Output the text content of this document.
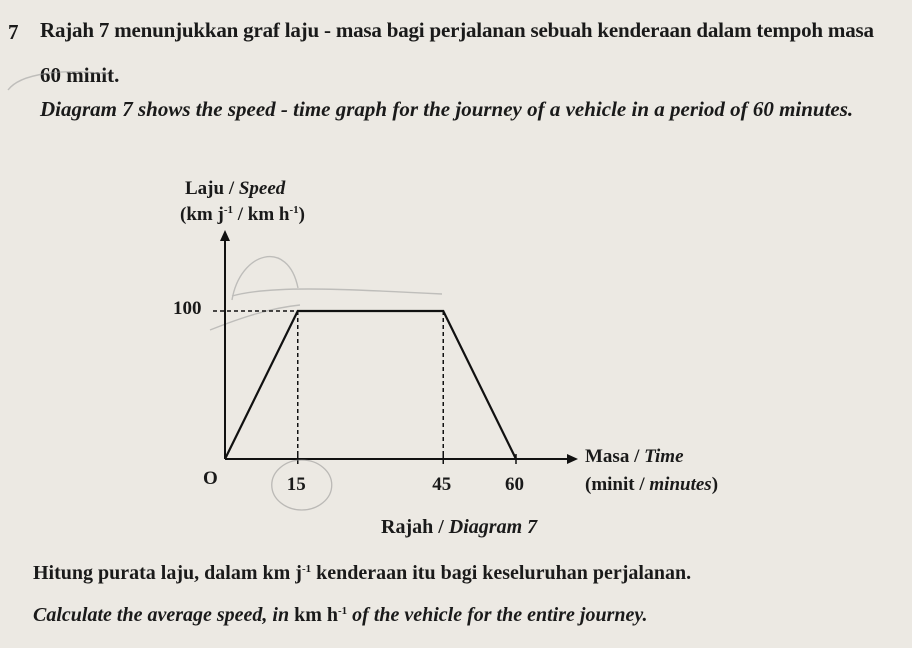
7 Rajah 7 menunjukkan graf laju - masa bagi perjalanan sebuah kenderaan dalam tempoh masa
60 minit.
Diagram 7 shows the speed - time graph for the journey of a vehicle in a period of 60 minutes.
Laju / Speed
(km $j^{-1}$ / km $h^{-1}$)
Masa / Time
(minit / minutes)
Rajah / Diagram 7
Hitung purata laju, dalam km $j^{-1}$ kenderaan itu bagi keseluruhan perjalanan.
Calculate the average speed, in km $h^{-1}$ of the vehicle for the entire journey.
15	45	60
100
O
